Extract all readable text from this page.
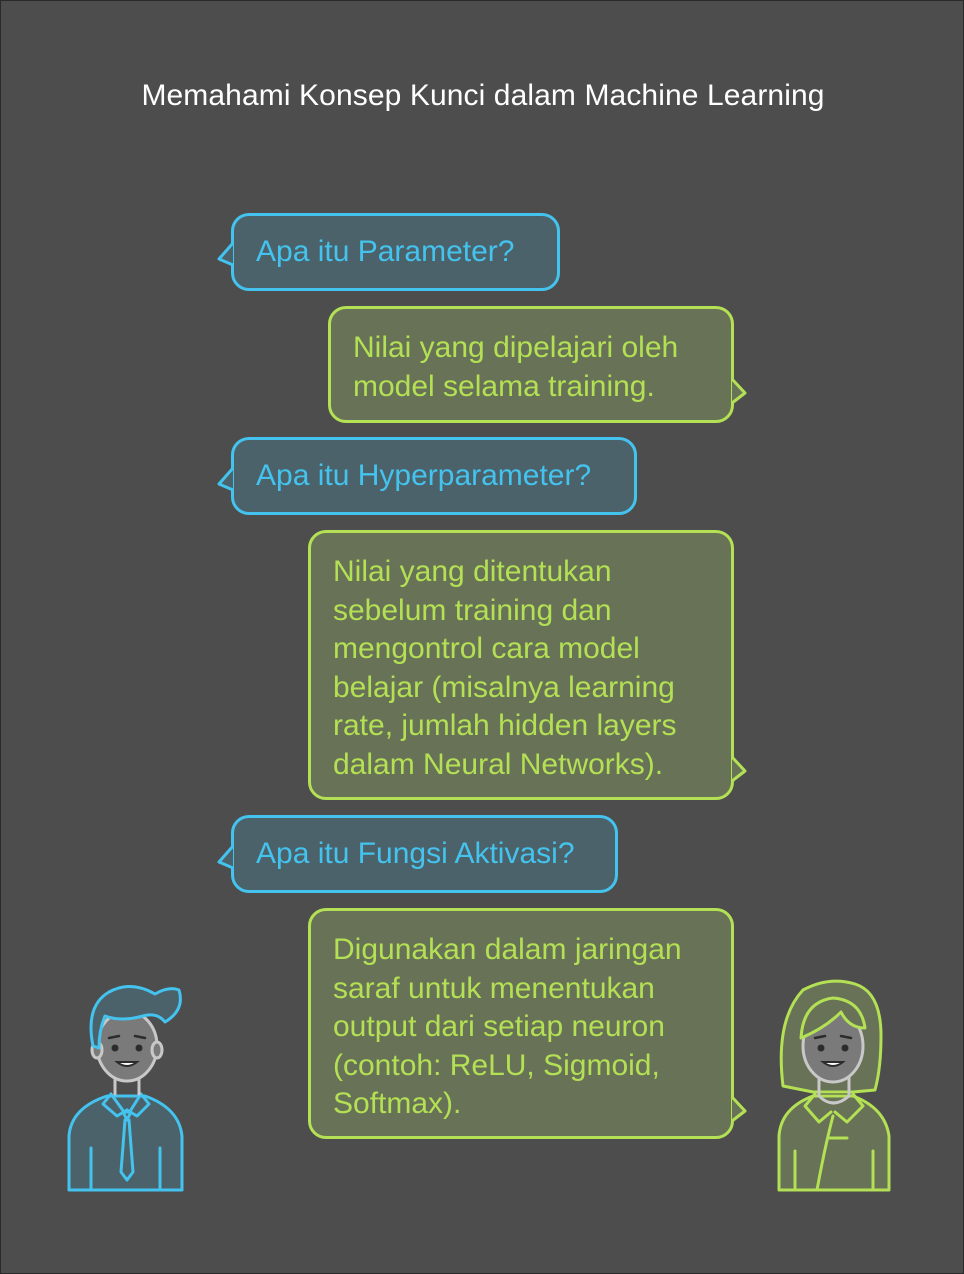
Memahami Konsep Kunci dalam Machine Learning
Apa itu Parameter?
Nilai yang dipelajari oleh model selama training.
Apa itu Hyperparameter?
Nilai yang ditentukan sebelum training dan mengontrol cara model belajar (misalnya learning rate, jumlah hidden layers dalam Neural Networks).
Apa itu Fungsi Aktivasi?
Digunakan dalam jaringan saraf untuk menentukan output dari setiap neuron (contoh: ReLU, Sigmoid, Softmax).
